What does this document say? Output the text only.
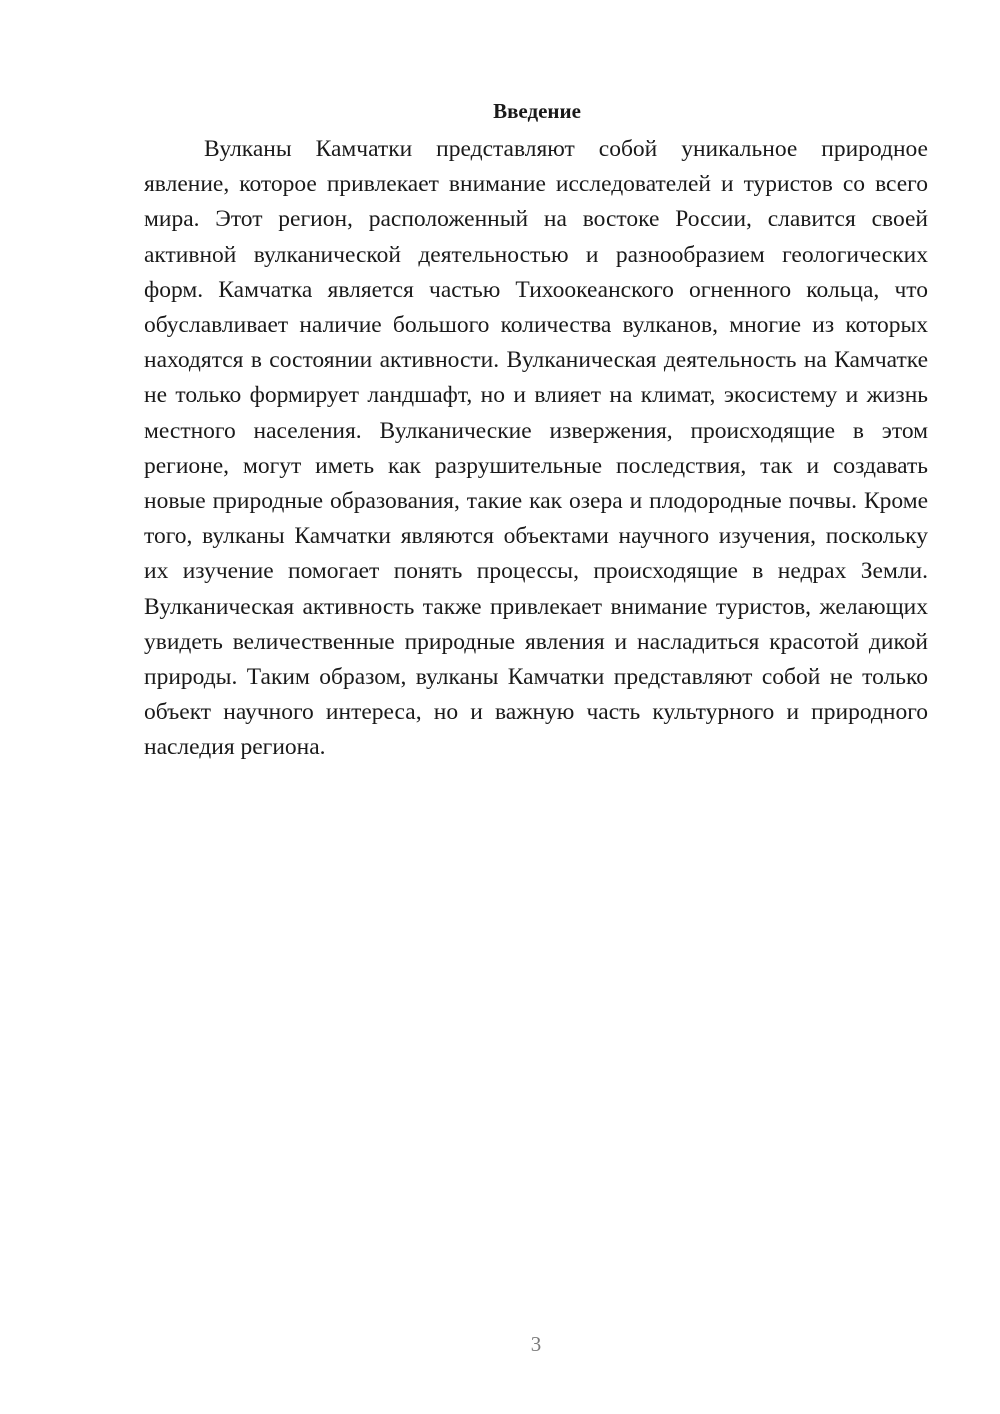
Введение

Вулканы Камчатки представляют собой уникальное природное явление, которое привлекает внимание исследователей и туристов со всего мира. Этот регион, расположенный на востоке России, славится своей активной вулканической деятельностью и разнообразием геологических форм. Камчатка является частью Тихоокеанского огненного кольца, что обуславливает наличие большого количества вулканов, многие из которых находятся в состоянии активности. Вулканическая деятельность на Камчатке не только формирует ландшафт, но и влияет на климат, экосистему и жизнь местного населения. Вулканические извержения, происходящие в этом регионе, могут иметь как разрушительные последствия, так и создавать новые природные образования, такие как озера и плодородные почвы. Кроме того, вулканы Камчатки являются объектами научного изучения, поскольку их изучение помогает понять процессы, происходящие в недрах Земли. Вулканическая активность также привлекает внимание туристов, желающих увидеть величественные природные явления и насладиться красотой дикой природы. Таким образом, вулканы Камчатки представляют собой не только объект научного интереса, но и важную часть культурного и природного наследия региона.

3
